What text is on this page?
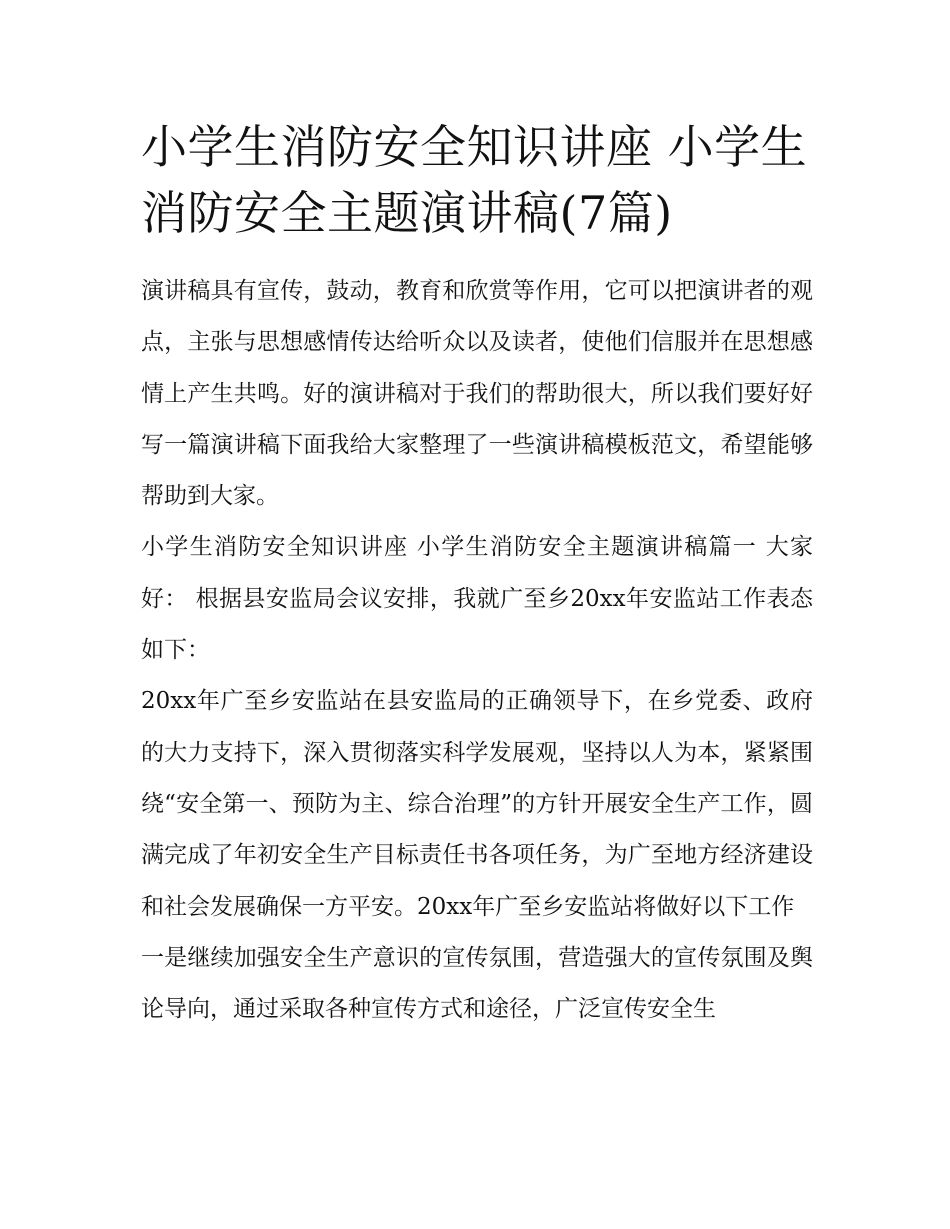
小学生消防安全知识讲座 小学生消防安全主题演讲稿(7篇)

演讲稿具有宣传，鼓动，教育和欣赏等作用，它可以把演讲者的观点，主张与思想感情传达给听众以及读者，使他们信服并在思想感情上产生共鸣。好的演讲稿对于我们的帮助很大，所以我们要好好写一篇演讲稿下面我给大家整理了一些演讲稿模板范文，希望能够帮助到大家。

小学生消防安全知识讲座 小学生消防安全主题演讲稿篇一 大家好： 根据县安监局会议安排，我就广至乡20xx年安监站工作表态如下：

20xx年广至乡安监站在县安监局的正确领导下，在乡党委、政府的大力支持下，深入贯彻落实科学发展观，坚持以人为本，紧紧围绕“安全第一、预防为主、综合治理”的方针开展安全生产工作，圆满完成了年初安全生产目标责任书各项任务，为广至地方经济建设和社会发展确保一方平安。20xx年广至乡安监站将做好以下工作

一是继续加强安全生产意识的宣传氛围，营造强大的宣传氛围及舆论导向，通过采取各种宣传方式和途径，广泛宣传安全生
